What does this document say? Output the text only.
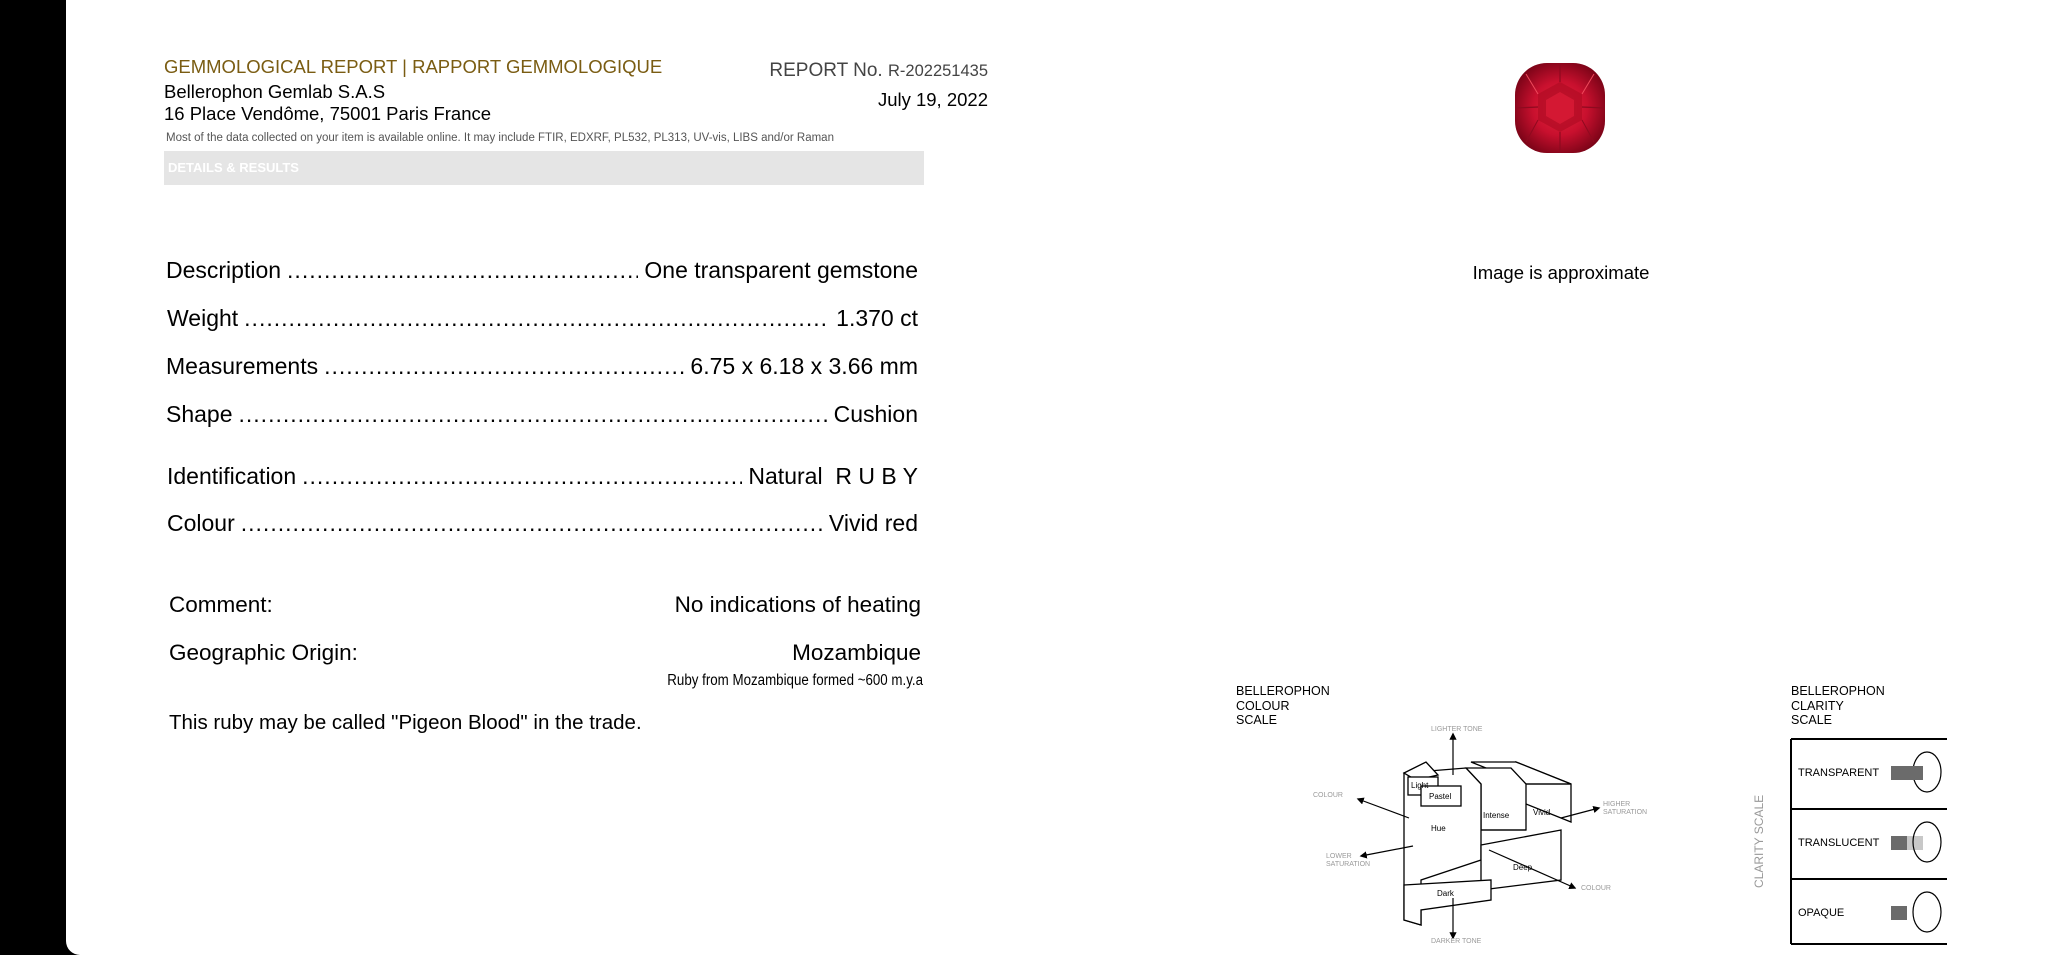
GEMMOLOGICAL REPORT | RAPPORT GEMMOLOGIQUE
Bellerophon Gemlab S.A.S
16 Place Vendôme, 75001 Paris France
Most of the data collected on your item is available online. It may include FTIR, EDXRF, PL532, PL313, UV-vis, LIBS and/or Raman
REPORT No. R-202251435
July 19, 2022
DETAILS & RESULTS
Description .....	One transparent gemstone
Weight .....	1.370 ct
Measurements .....	6.75 x 6.18 x 3.66 mm
Shape .....	Cushion
Identification .....	Natural  R U B Y
Colour .....	Vivid red
Comment:	No indications of heating
Geographic Origin:	Mozambique
Ruby from Mozambique formed ~600 m.y.a
This ruby may be called "Pigeon Blood" in the trade.
Image is approximate
BELLEROPHON
COLOUR
SCALE
Light
Pastel
Hue
Intense	Vivid
Deep
Dark
LIGHTER TONE
DARKER TONE
COLOUR
COLOUR
LOWER
SATURATION
HIGHER
SATURATION
BELLEROPHON
CLARITY
SCALE
CLARITY SCALE
TRANSPARENT
TRANSLUCENT
OPAQUE
